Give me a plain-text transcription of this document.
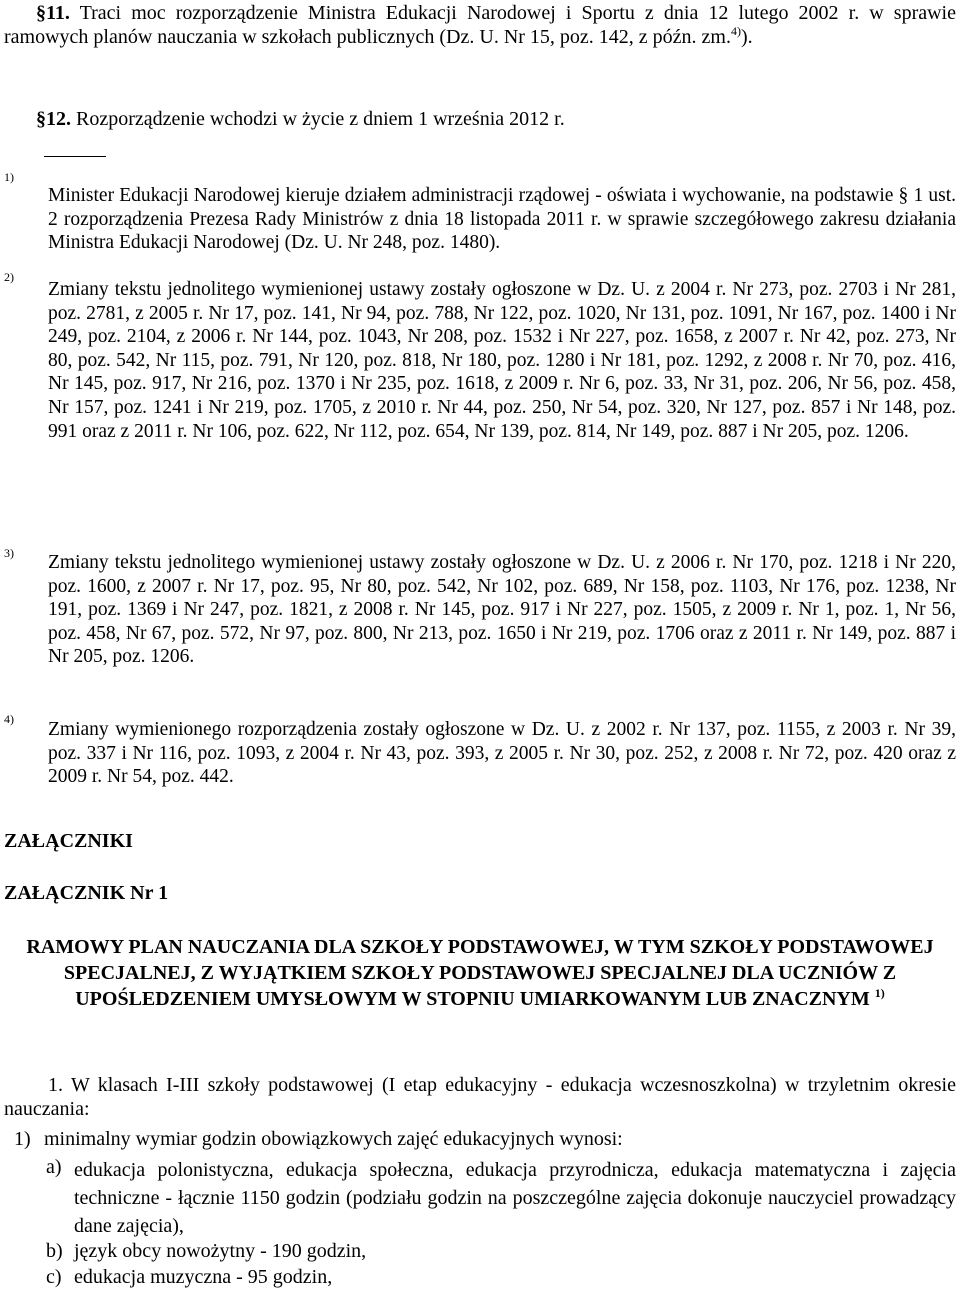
§11. Traci moc rozporządzenie Ministra Edukacji Narodowej i Sportu z dnia 12 lutego 2002 r. w sprawie ramowych planów nauczania w szkołach publicznych (Dz. U. Nr 15, poz. 142, z późn. zm.$^{4)}$).
§12. Rozporządzenie wchodzi w życie z dniem 1 września 2012 r.
1)
Minister Edukacji Narodowej kieruje działem administracji rządowej - oświata i wychowanie, na podstawie § 1 ust. 2 rozporządzenia Prezesa Rady Ministrów z dnia 18 listopada 2011 r. w sprawie szczegółowego zakresu działania Ministra Edukacji Narodowej (Dz. U. Nr 248, poz. 1480).
2)
Zmiany tekstu jednolitego wymienionej ustawy zostały ogłoszone w Dz. U. z 2004 r. Nr 273, poz. 2703 i Nr 281, poz. 2781, z 2005 r. Nr 17, poz. 141, Nr 94, poz. 788, Nr 122, poz. 1020, Nr 131, poz. 1091, Nr 167, poz. 1400 i Nr 249, poz. 2104, z 2006 r. Nr 144, poz. 1043, Nr 208, poz. 1532 i Nr 227, poz. 1658, z 2007 r. Nr 42, poz. 273, Nr 80, poz. 542, Nr 115, poz. 791, Nr 120, poz. 818, Nr 180, poz. 1280 i Nr 181, poz. 1292, z 2008 r. Nr 70, poz. 416, Nr 145, poz. 917, Nr 216, poz. 1370 i Nr 235, poz. 1618, z 2009 r. Nr 6, poz. 33, Nr 31, poz. 206, Nr 56, poz. 458, Nr 157, poz. 1241 i Nr 219, poz. 1705, z 2010 r. Nr 44, poz. 250, Nr 54, poz. 320, Nr 127, poz. 857 i Nr 148, poz. 991 oraz z 2011 r. Nr 106, poz. 622, Nr 112, poz. 654, Nr 139, poz. 814, Nr 149, poz. 887 i Nr 205, poz. 1206.
3) Zmiany tekstu jednolitego wymienionej ustawy zostały ogłoszone w Dz. U. z 2006 r. Nr 170, poz. 1218 i Nr 220, poz. 1600, z 2007 r. Nr 17, poz. 95, Nr 80, poz. 542, Nr 102, poz. 689, Nr 158, poz. 1103, Nr 176, poz. 1238, Nr 191, poz. 1369 i Nr 247, poz. 1821, z 2008 r. Nr 145, poz. 917 i Nr 227, poz. 1505, z 2009 r. Nr 1, poz. 1, Nr 56, poz. 458, Nr 67, poz. 572, Nr 97, poz. 800, Nr 213, poz. 1650 i Nr 219, poz. 1706 oraz z 2011 r. Nr 149, poz. 887 i Nr 205, poz. 1206.
4) Zmiany wymienionego rozporządzenia zostały ogłoszone w Dz. U. z 2002 r. Nr 137, poz. 1155, z 2003 r. Nr 39, poz. 337 i Nr 116, poz. 1093, z 2004 r. Nr 43, poz. 393, z 2005 r. Nr 30, poz. 252, z 2008 r. Nr 72, poz. 420 oraz z 2009 r. Nr 54, poz. 442.
ZAŁĄCZNIKI
ZAŁĄCZNIK Nr 1
RAMOWY PLAN NAUCZANIA DLA SZKOŁY PODSTAWOWEJ, W TYM SZKOŁY PODSTAWOWEJ SPECJALNEJ, Z WYJĄTKIEM SZKOŁY PODSTAWOWEJ SPECJALNEJ DLA UCZNIÓW Z UPOŚLEDZENIEM UMYSŁOWYM W STOPNIU UMIARKOWANYM LUB ZNACZNYM $^{1)}$
1. W klasach I-III szkoły podstawowej (I etap edukacyjny - edukacja wczesnoszkolna) w trzyletnim okresie nauczania:
1) minimalny wymiar godzin obowiązkowych zajęć edukacyjnych wynosi:
a) edukacja polonistyczna, edukacja społeczna, edukacja przyrodnicza, edukacja matematyczna i zajęcia techniczne - łącznie 1150 godzin (podziału godzin na poszczególne zajęcia dokonuje nauczyciel prowadzący dane zajęcia),
b) język obcy nowożytny - 190 godzin,
c) edukacja muzyczna - 95 godzin,
